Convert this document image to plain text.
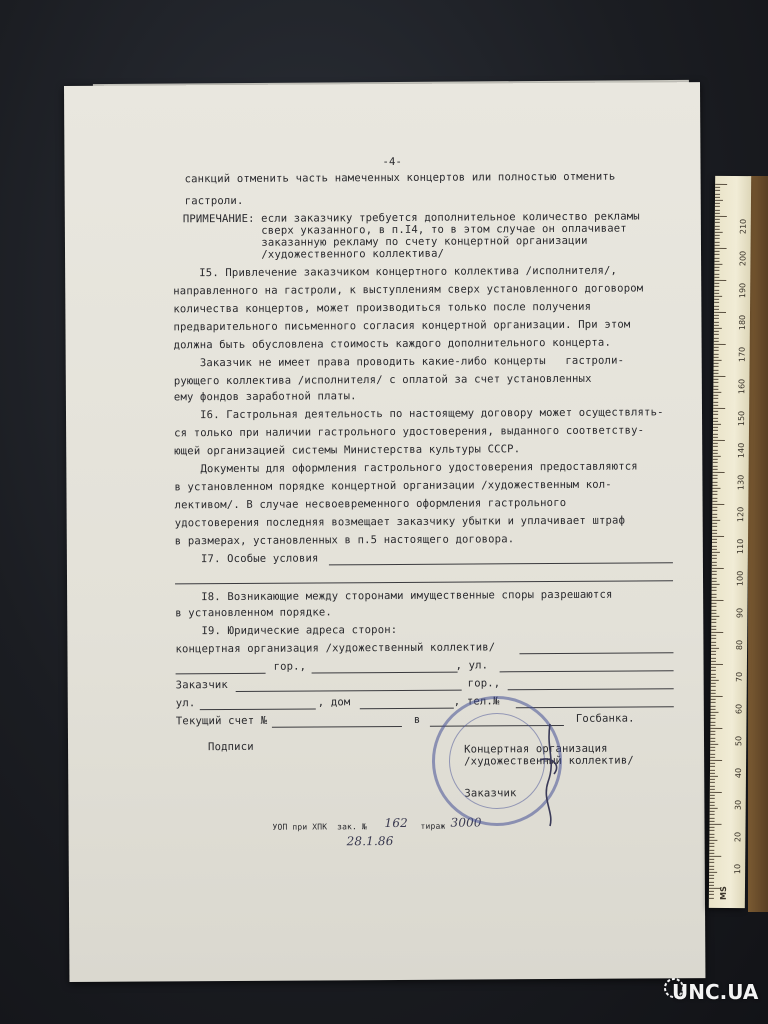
-4-
санкций отменить часть намеченных концертов или полностью отменить
гастроли.
ПРИМЕЧАНИЕ: если заказчику требуется дополнительное количество рекламы
сверх указанного, в п.I4, то в этом случае он оплачивает
заказанную рекламу по счету концертной организации
/художественного коллектива/
I5. Привлечение заказчиком концертного коллектива /исполнителя/,
направленного на гастроли, к выступлениям сверх установленного договором
количества концертов, может производиться только после получения
предварительного письменного согласия концертной организации. При этом
должна быть обусловлена стоимость каждого дополнительного концерта.
Заказчик не имеет права проводить какие-либо концерты   гастроли-
рующего коллектива /исполнителя/ с оплатой за счет установленных
ему фондов заработной платы.
I6. Гастрольная деятельность по настоящему договору может осуществлять-
ся только при наличии гастрольного удостоверения, выданного соответству-
ющей организацией системы Министерства культуры СССР.
Документы для оформления гастрольного удостоверения предоставляются
в установленном порядке концертной организации /художественным кол-
лективом/. В случае несвоевременного оформления гастрольного
удостоверения последняя возмещает заказчику убытки и уплачивает штраф
в размерах, установленных в п.5 настоящего договора.
I7. Особые условия
I8. Возникающие между сторонами имущественные споры разрешаются
в установленном порядке.
I9. Юридические адреса сторон:
концертная организация /художественный коллектив/
гор.,	, ул.
Заказчик	гор.,
ул.	, дом	, тел.№
Текущий счет №	в	Госбанка.
Подписи	Концертная организация
/художественный коллектив/
Заказчик
УОП при ХПК  зак. № 162 тираж 3000
28.1.86
210
200
190
180
170
160
150
140
130
120
110
100
90
80
70
60
50
40
30
20
10
MS
UNC.UA
